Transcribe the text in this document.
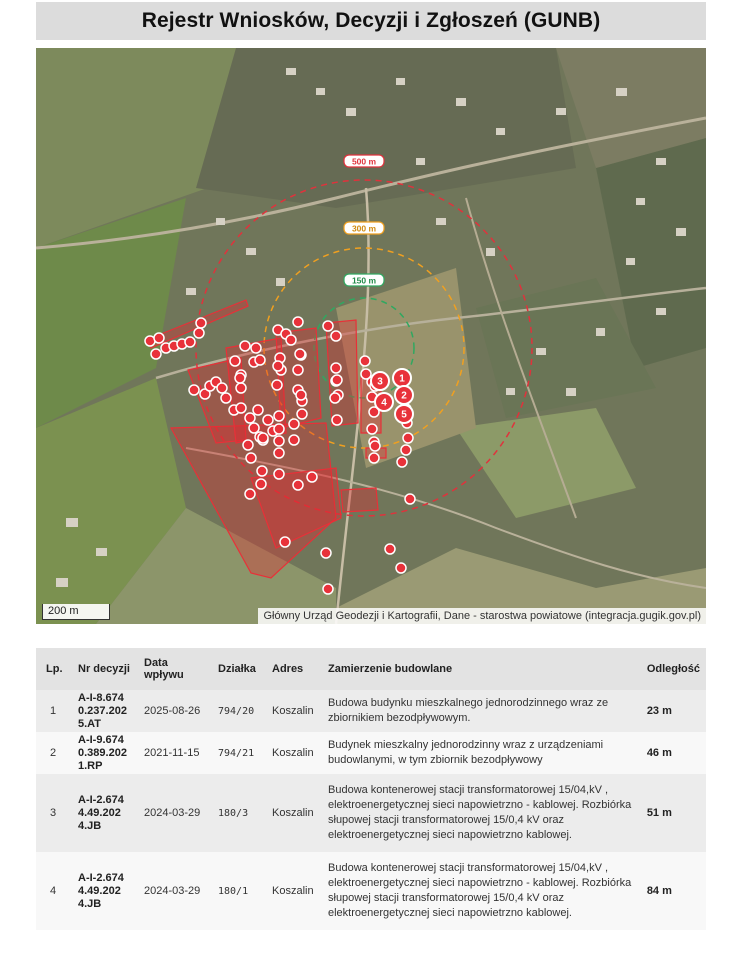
Rejestr Wniosków, Decyzji i Zgłoszeń (GUNB)
500 m
300 m
150 m
1
2
3
4
5
200 m	Główny Urząd Geodezji i Kartografii, Dane - starostwa powiatowe (integracja.gugik.gov.pl)
Lp.	Nr decyzji	Data wpływu	Działka	Adres	Zamierzenie budowlane	Odległość
1	A-I-8.674 0.237.202 5.AT	2025-08-26	794/20	Koszalin	Budowa budynku mieszkalnego jednorodzinnego wraz ze zbiornikiem bezodpływowym.	23 m
2	A-I-9.674 0.389.202 1.RP	2021-11-15	794/21	Koszalin	Budynek mieszkalny jednorodzinny wraz z urządzeniami budowlanymi, w tym zbiornik bezodpływowy	46 m
3	A-I-2.674 4.49.202 4.JB	2024-03-29	180/3	Koszalin	Budowa kontenerowej stacji transformatorowej 15/04,kV , elektroenergetycznej sieci napowietrzno - kablowej. Rozbiórka słupowej stacji transformatorowej 15/0,4 kV oraz elektroenergetycznej sieci napowietrzno kablowej.	51 m
4	A-I-2.674 4.49.202 4.JB	2024-03-29	180/1	Koszalin	Budowa kontenerowej stacji transformatorowej 15/04,kV , elektroenergetycznej sieci napowietrzno - kablowej. Rozbiórka słupowej stacji transformatorowej 15/0,4 kV oraz elektroenergetycznej sieci napowietrzno kablowej.	84 m
